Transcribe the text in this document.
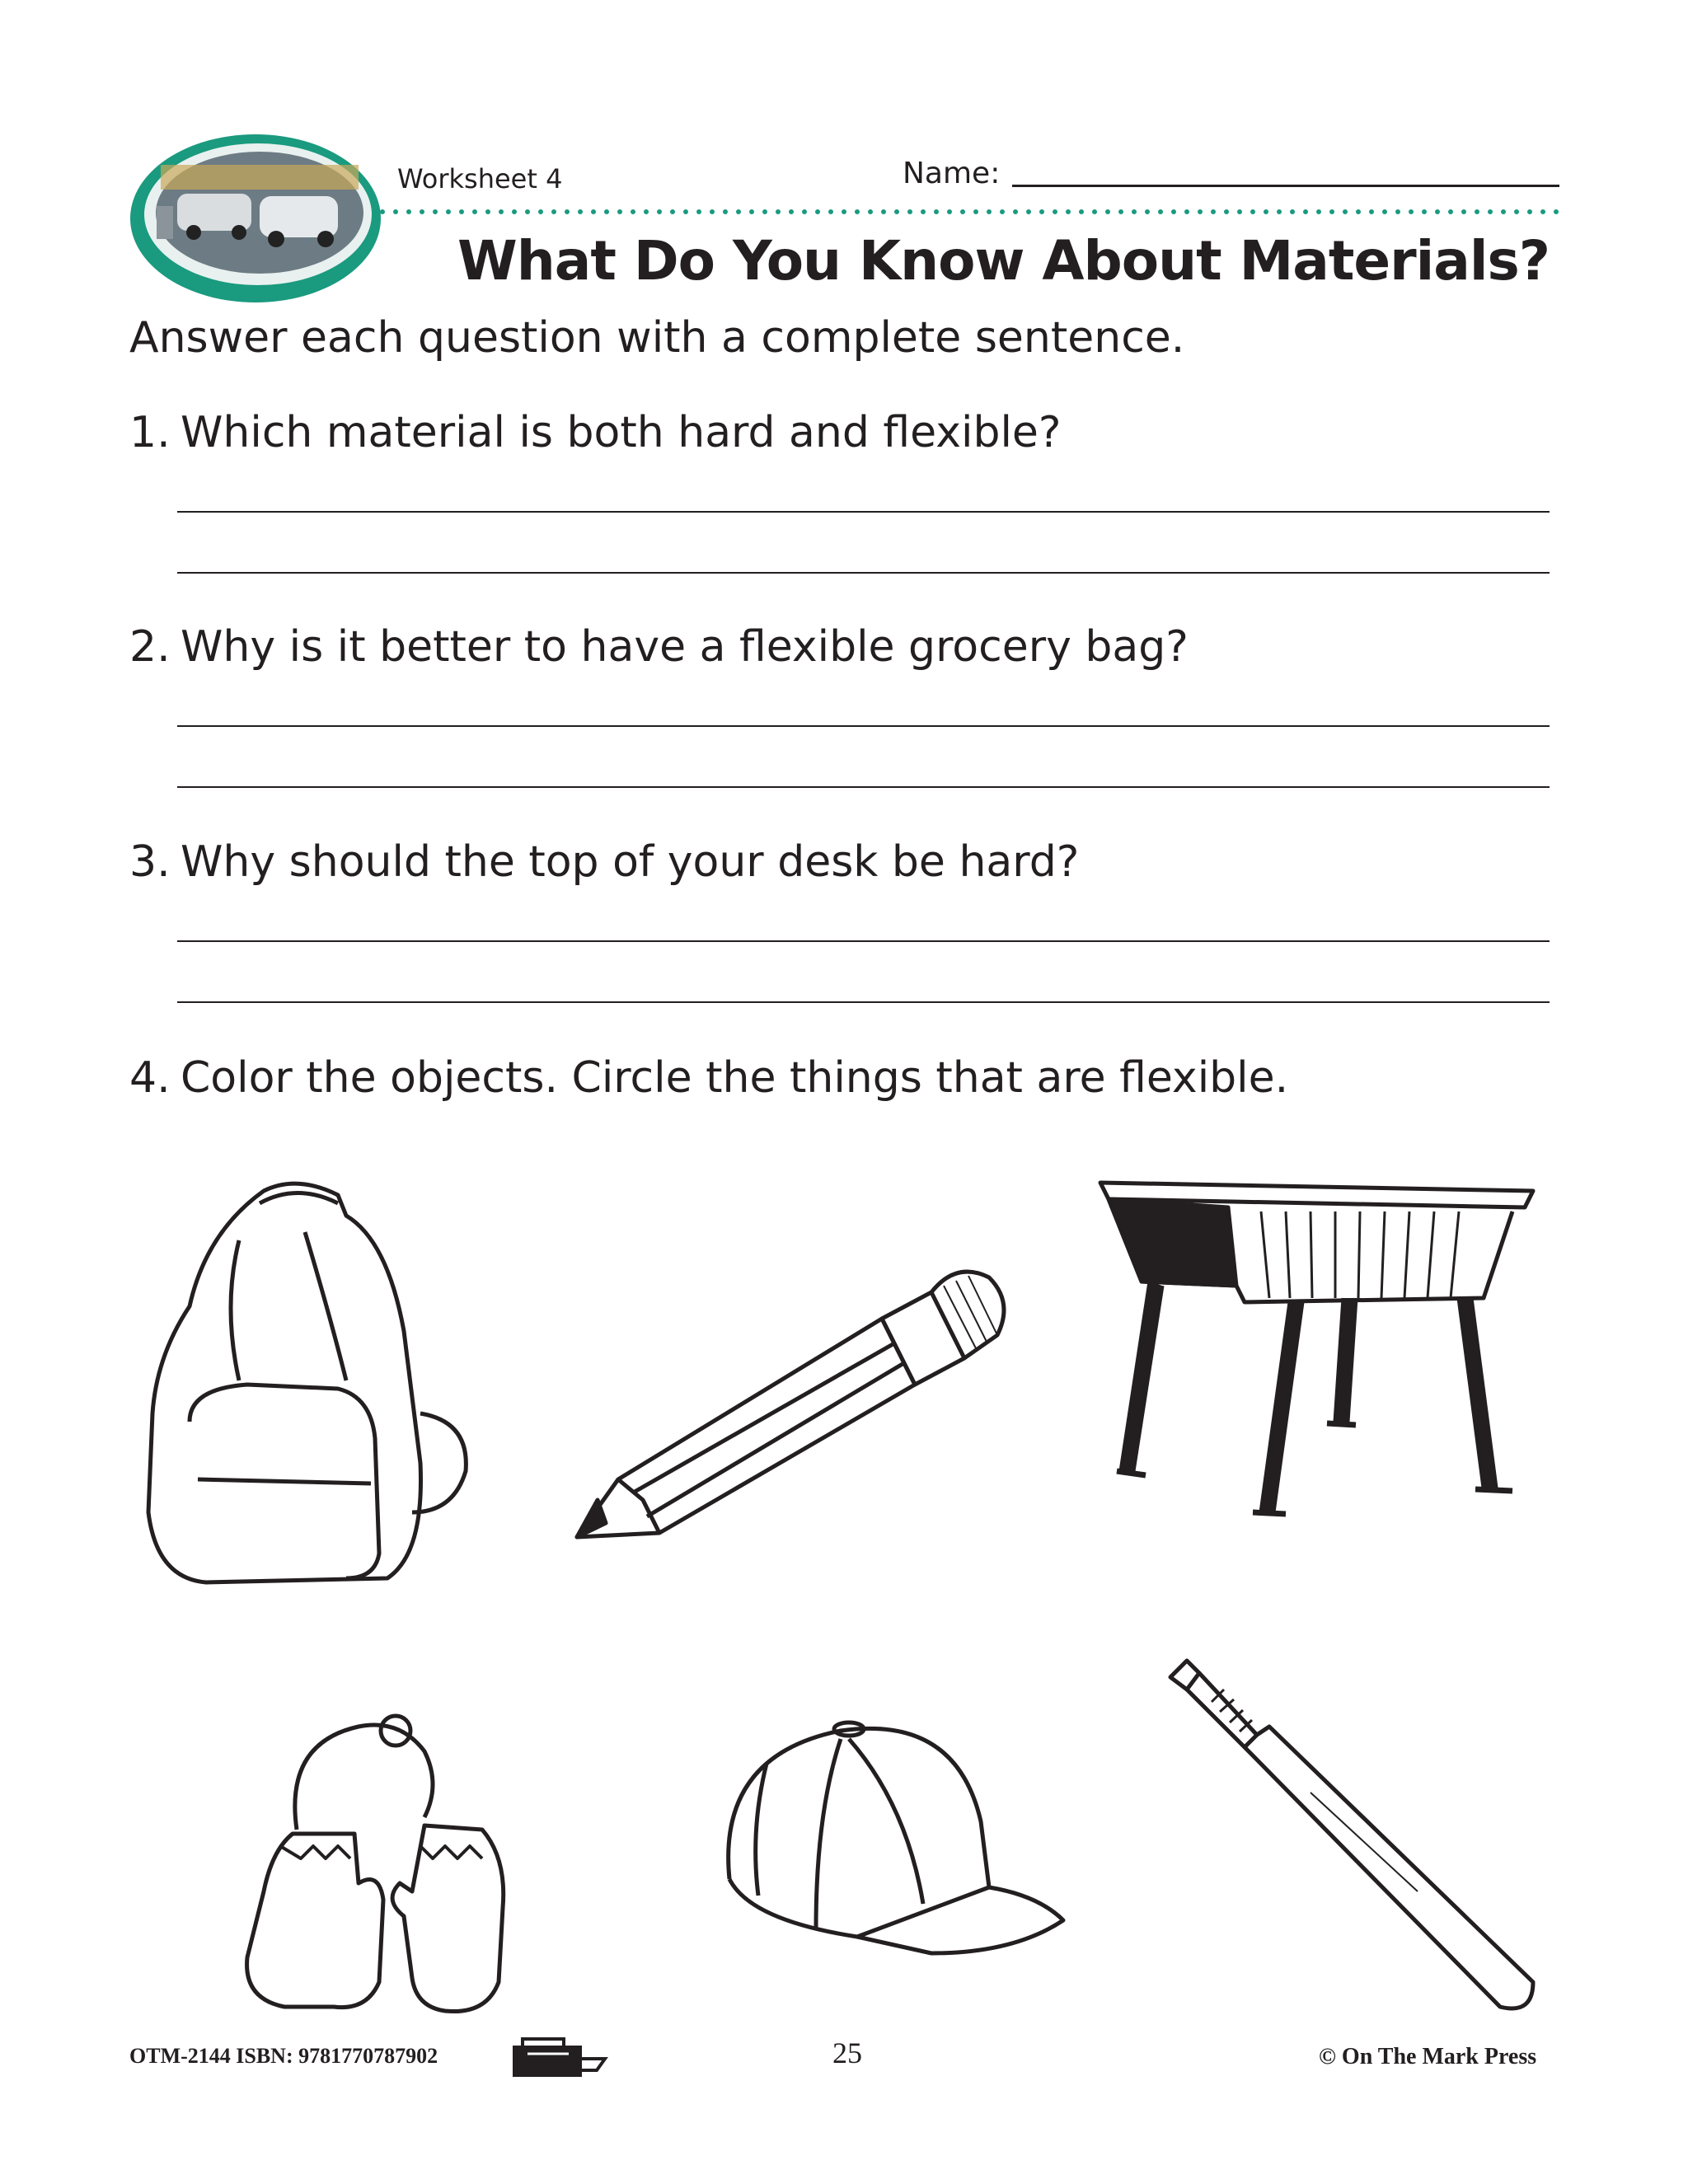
Worksheet 4	Name:
What Do You Know About Materials?
Answer each question with a complete sentence.
1. Which material is both hard and flexible?
2. Why is it better to have a flexible grocery bag?
3. Why should the top of your desk be hard?
4. Color the objects. Circle the things that are flexible.
OTM-2144 ISBN: 9781770787902	25	© On The Mark Press
